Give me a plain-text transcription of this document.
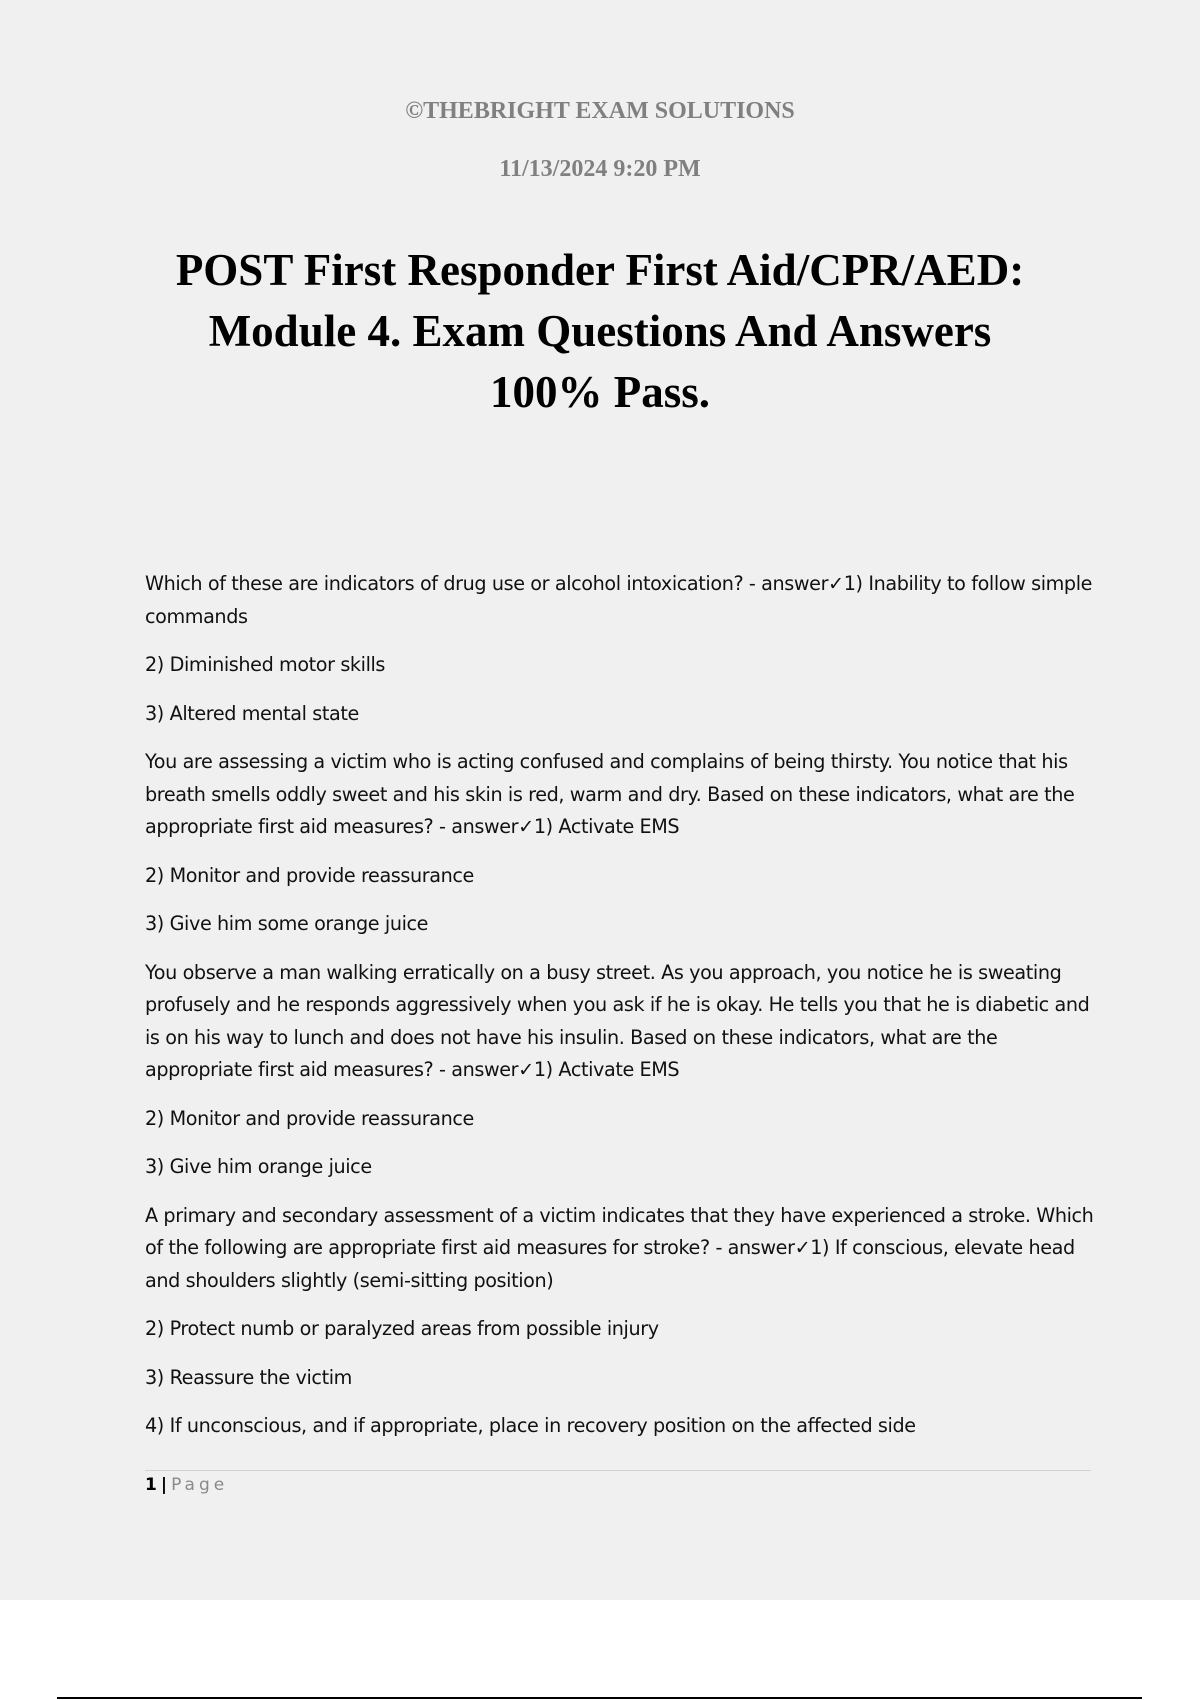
©THEBRIGHT EXAM SOLUTIONS
11/13/2024 9:20 PM
POST First Responder First Aid/CPR/AED:
Module 4. Exam Questions And Answers
100% Pass.

Which of these are indicators of drug use or alcohol intoxication? - answer✓1) Inability to follow simple commands

2) Diminished motor skills

3) Altered mental state

You are assessing a victim who is acting confused and complains of being thirsty. You notice that his breath smells oddly sweet and his skin is red, warm and dry. Based on these indicators, what are the appropriate first aid measures? - answer✓1) Activate EMS

2) Monitor and provide reassurance

3) Give him some orange juice

You observe a man walking erratically on a busy street. As you approach, you notice he is sweating profusely and he responds aggressively when you ask if he is okay. He tells you that he is diabetic and is on his way to lunch and does not have his insulin. Based on these indicators, what are the appropriate first aid measures? - answer✓1) Activate EMS

2) Monitor and provide reassurance

3) Give him orange juice

A primary and secondary assessment of a victim indicates that they have experienced a stroke. Which of the following are appropriate first aid measures for stroke? - answer✓1) If conscious, elevate head and shoulders slightly (semi-sitting position)

2) Protect numb or paralyzed areas from possible injury

3) Reassure the victim

4) If unconscious, and if appropriate, place in recovery position on the affected side

1 | Page
